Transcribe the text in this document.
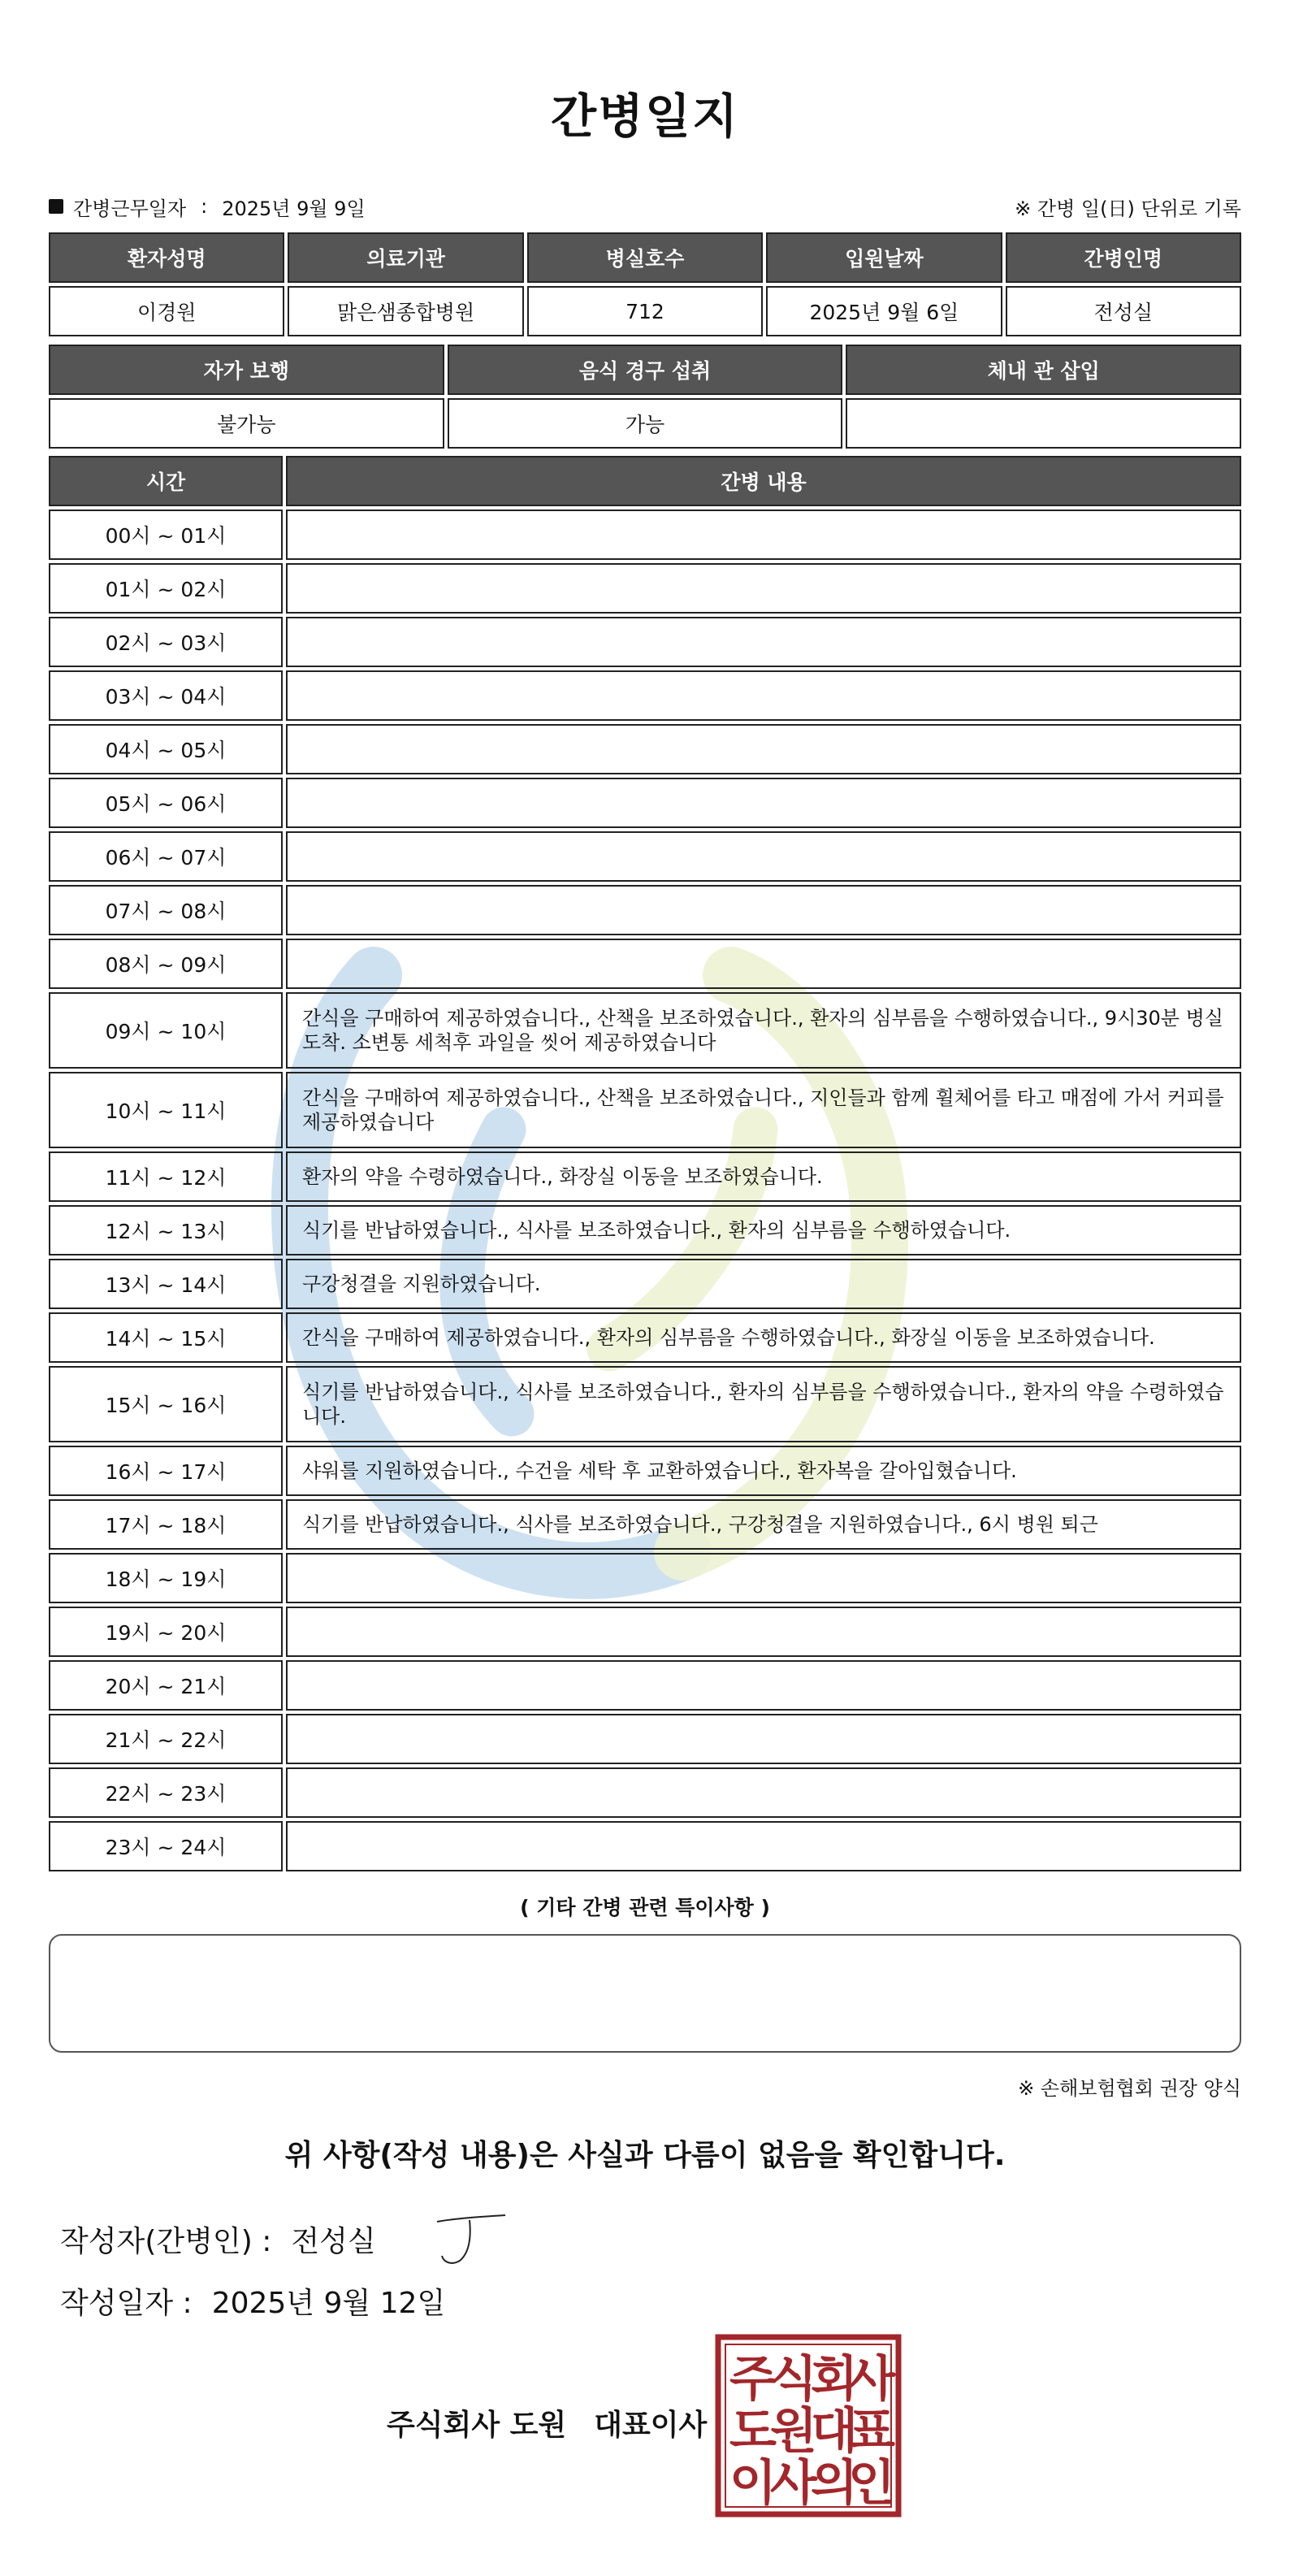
간병일지
간병근무일자 : 2025년 9월 9일	※ 간병 일(日) 단위로 기록
환자성명	의료기관	병실호수	입원날짜	간병인명
이경원	맑은샘종합병원	712	2025년 9월 6일	전성실
자가 보행	음식 경구 섭취	체내 관 삽입
불가능	가능	
시간	간병 내용
00시 ~ 01시	
01시 ~ 02시	
02시 ~ 03시	
03시 ~ 04시	
04시 ~ 05시	
05시 ~ 06시	
06시 ~ 07시	
07시 ~ 08시	
08시 ~ 09시	
09시 ~ 10시	간식을 구매하여 제공하였습니다., 산책을 보조하였습니다., 환자의 심부름을 수행하였습니다., 9시30분 병실 도착. 소변통 세척후 과일을 씻어 제공하였습니다
10시 ~ 11시	간식을 구매하여 제공하였습니다., 산책을 보조하였습니다., 지인들과 함께 휠체어를 타고 매점에 가서 커피를 제공하였습니다
11시 ~ 12시	환자의 약을 수령하였습니다., 화장실 이동을 보조하였습니다.
12시 ~ 13시	식기를 반납하였습니다., 식사를 보조하였습니다., 환자의 심부름을 수행하였습니다.
13시 ~ 14시	구강청결을 지원하였습니다.
14시 ~ 15시	간식을 구매하여 제공하였습니다., 환자의 심부름을 수행하였습니다., 화장실 이동을 보조하였습니다.
15시 ~ 16시	식기를 반납하였습니다., 식사를 보조하였습니다., 환자의 심부름을 수행하였습니다., 환자의 약을 수령하였습니다.
16시 ~ 17시	샤워를 지원하였습니다., 수건을 세탁 후 교환하였습니다., 환자복을 갈아입혔습니다.
17시 ~ 18시	식기를 반납하였습니다., 식사를 보조하였습니다., 구강청결을 지원하였습니다., 6시 병원 퇴근
18시 ~ 19시	
19시 ~ 20시	
20시 ~ 21시	
21시 ~ 22시	
22시 ~ 23시	
23시 ~ 24시	
( 기타 간병 관련 특이사항 )
※ 손해보험협회 권장 양식
위 사항(작성 내용)은 사실과 다름이 없음을 확인합니다.
작성자(간병인) : 전성실
작성일자 : 2025년 9월 12일
주식회사 도원 대표이사
주
식
회
사
도
원
대
표
이
사
의
인
